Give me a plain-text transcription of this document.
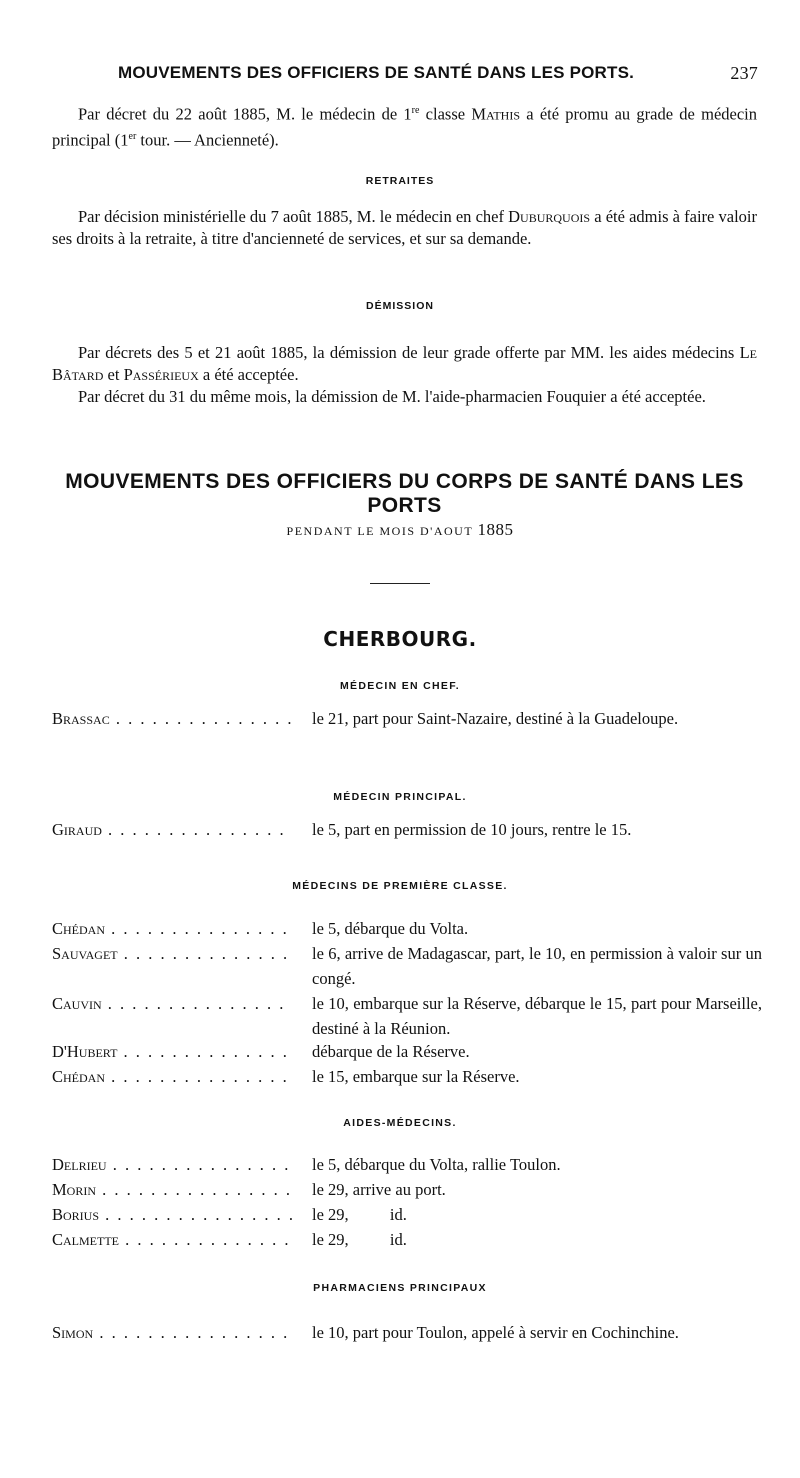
MOUVEMENTS DES OFFICIERS DE SANTÉ DANS LES PORTS.	237
Par décret du 22 août 1885, M. le médecin de 1re classe Mathis a été promu au grade de médecin principal (1er tour. — Ancienneté).
RETRAITES
Par décision ministérielle du 7 août 1885, M. le médecin en chef Duburquois a été admis à faire valoir ses droits à la retraite, à titre d'ancienneté de services, et sur sa demande.
DÉMISSION
Par décrets des 5 et 21 août 1885, la démission de leur grade offerte par MM. les aides médecins Le Bâtard et Passérieux a été acceptée.
Par décret du 31 du même mois, la démission de M. l'aide-pharmacien Fouquier a été acceptée.
MOUVEMENTS DES OFFICIERS DU CORPS DE SANTÉ DANS LES PORTS
PENDANT LE MOIS D'AOUT 1885
CHERBOURG.
MÉDECIN EN CHEF.
Brassac . . .	le 21, part pour Saint-Nazaire, destiné à la Guadeloupe.
MÉDECIN PRINCIPAL.
Giraud . . .	le 5, part en permission de 10 jours, rentre le 15.
MÉDECINS DE PREMIÈRE CLASSE.
Chédan . . .	le 5, débarque du Volta.
Sauvaget . . .	le 6, arrive de Madagascar, part, le 10, en permission à valoir sur un congé.
Cauvin . . .	le 10, embarque sur la Réserve, débarque le 15, part pour Marseille, destiné à la Réunion.
D'Hubert . . .	débarque de la Réserve.
Chédan . . .	le 15, embarque sur la Réserve.
AIDES-MÉDECINS.
Delrieu . . .	le 5, débarque du Volta, rallie Toulon.
Morin . . .	le 29, arrive au port.
Borius . . .	le 29,          id.
Calmette . . .	le 29,          id.
PHARMACIENS PRINCIPAUX
Simon . . .	le 10, part pour Toulon, appelé à servir en Cochinchine.
